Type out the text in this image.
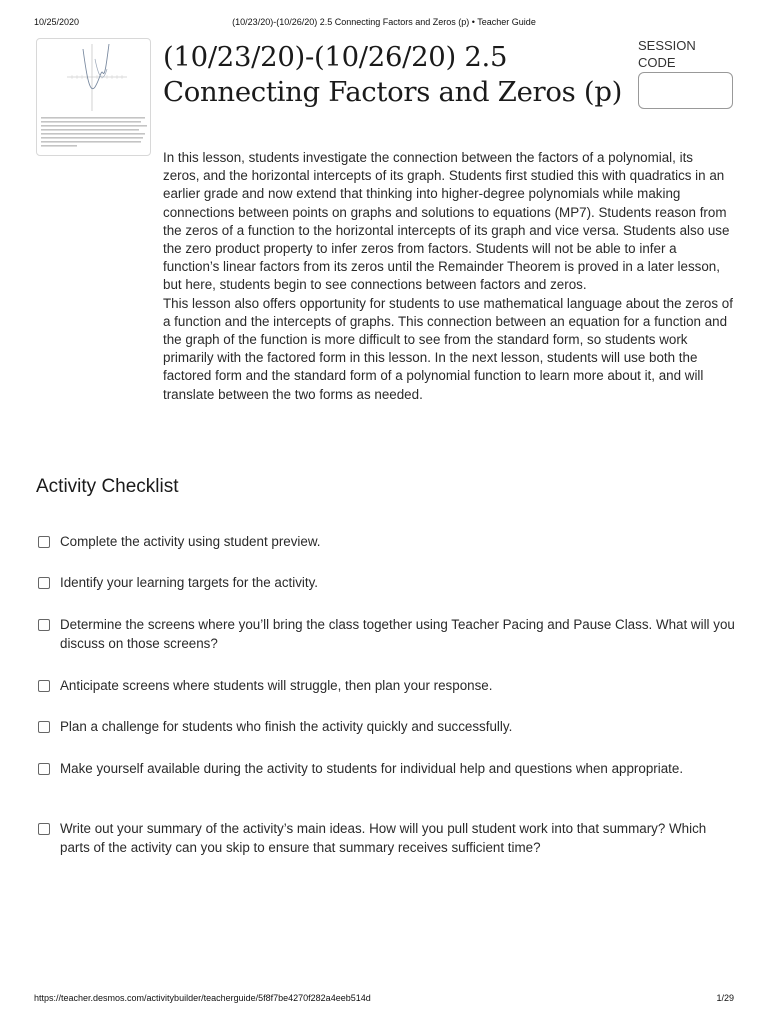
10/25/2020	(10/23/20)-(10/26/20) 2.5 Connecting Factors and Zeros (p) • Teacher Guide
(10/23/20)-(10/26/20) 2.5 Connecting Factors and Zeros (p)
SESSION CODE

In this lesson, students investigate the connection between the factors of a polynomial, its zeros, and the horizontal intercepts of its graph. Students first studied this with quadratics in an earlier grade and now extend that thinking into higher-degree polynomials while making connections between points on graphs and solutions to equations (MP7). Students reason from the zeros of a function to the horizontal intercepts of its graph and vice versa. Students also use the zero product property to infer zeros from factors. Students will not be able to infer a function’s linear factors from its zeros until the Remainder Theorem is proved in a later lesson, but here, students begin to see connections between factors and zeros.

This lesson also offers opportunity for students to use mathematical language about the zeros of a function and the intercepts of graphs. This connection between an equation for a function and the graph of the function is more difficult to see from the standard form, so students work primarily with the factored form in this lesson. In the next lesson, students will use both the factored form and the standard form of a polynomial function to learn more about it, and will translate between the two forms as needed.

Activity Checklist
Complete the activity using student preview.
Identify your learning targets for the activity.
Determine the screens where you’ll bring the class together using Teacher Pacing and Pause Class. What will you discuss on those screens?
Anticipate screens where students will struggle, then plan your response.
Plan a challenge for students who finish the activity quickly and successfully.
Make yourself available during the activity to students for individual help and questions when appropriate.
Write out your summary of the activity’s main ideas. How will you pull student work into that summary? Which parts of the activity can you skip to ensure that summary receives sufficient time?
https://teacher.desmos.com/activitybuilder/teacherguide/5f8f7be4270f282a4eeb514d	1/29
